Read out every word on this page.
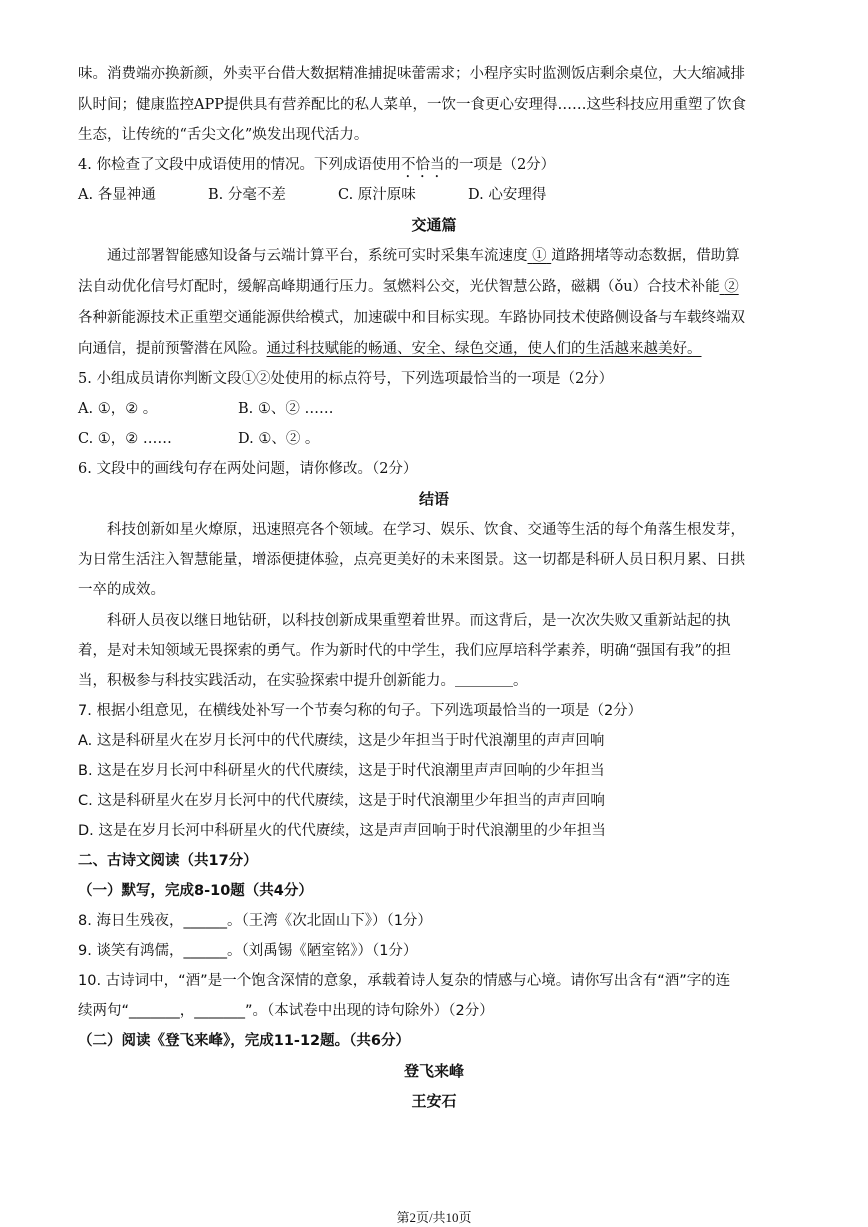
味。消费端亦换新颜，外卖平台借大数据精准捕捉味蕾需求；小程序实时监测饭店剩余桌位，大大缩减排
队时间；健康监控APP提供具有营养配比的私人菜单，一饮一食更心安理得……这些科技应用重塑了饮食
生态，让传统的“舌尖文化”焕发出现代活力。
4. 你检查了文段中成语使用的情况。下列成语使用不恰当的一项是（2分）
A. 各显神通	B. 分毫不差	C. 原汁原味	D. 心安理得
交通篇
通过部署智能感知设备与云端计算平台，系统可实时采集车流速度 ① 道路拥堵等动态数据，借助算
法自动优化信号灯配时，缓解高峰期通行压力。氢燃料公交，光伏智慧公路，磁耦（ǒu）合技术补能 ②
各种新能源技术正重塑交通能源供给模式，加速碳中和目标实现。车路协同技术使路侧设备与车载终端双
向通信，提前预警潜在风险。通过科技赋能的畅通、安全、绿色交通，使人们的生活越来越美好。
5. 小组成员请你判断文段①②处使用的标点符号，下列选项最恰当的一项是（2分）
A. ①，② 。	B. ①、② ……
C. ①，② ……	D. ①、② 。
6. 文段中的画线句存在两处问题，请你修改。（2分）
结语
科技创新如星火燎原，迅速照亮各个领域。在学习、娱乐、饮食、交通等生活的每个角落生根发芽，
为日常生活注入智慧能量，增添便捷体验，点亮更美好的未来图景。这一切都是科研人员日积月累、日拱
一卒的成效。
科研人员夜以继日地钻研，以科技创新成果重塑着世界。而这背后，是一次次失败又重新站起的执
着，是对未知领域无畏探索的勇气。作为新时代的中学生，我们应厚培科学素养，明确“强国有我”的担
当，积极参与科技实践活动，在实验探索中提升创新能力。＿＿＿＿。
7. 根据小组意见，在横线处补写一个节奏匀称的句子。下列选项最恰当的一项是（2分）
A. 这是科研星火在岁月长河中的代代赓续，这是少年担当于时代浪潮里的声声回响
B. 这是在岁月长河中科研星火的代代赓续，这是于时代浪潮里声声回响的少年担当
C. 这是科研星火在岁月长河中的代代赓续，这是于时代浪潮里少年担当的声声回响
D. 这是在岁月长河中科研星火的代代赓续，这是声声回响于时代浪潮里的少年担当
二、古诗文阅读（共17分）
（一）默写，完成8-10题（共4分）
8. 海日生残夜，______。（王湾《次北固山下》）（1分）
9. 谈笑有鸿儒，______。（刘禹锡《陋室铭》）（1分）
10. 古诗词中，“酒”是一个饱含深情的意象，承载着诗人复杂的情感与心境。请你写出含有“酒”字的连
续两句“_______，_______”。（本试卷中出现的诗句除外）（2分）
（二）阅读《登飞来峰》，完成11-12题。（共6分）
登飞来峰
王安石
第2页/共10页
